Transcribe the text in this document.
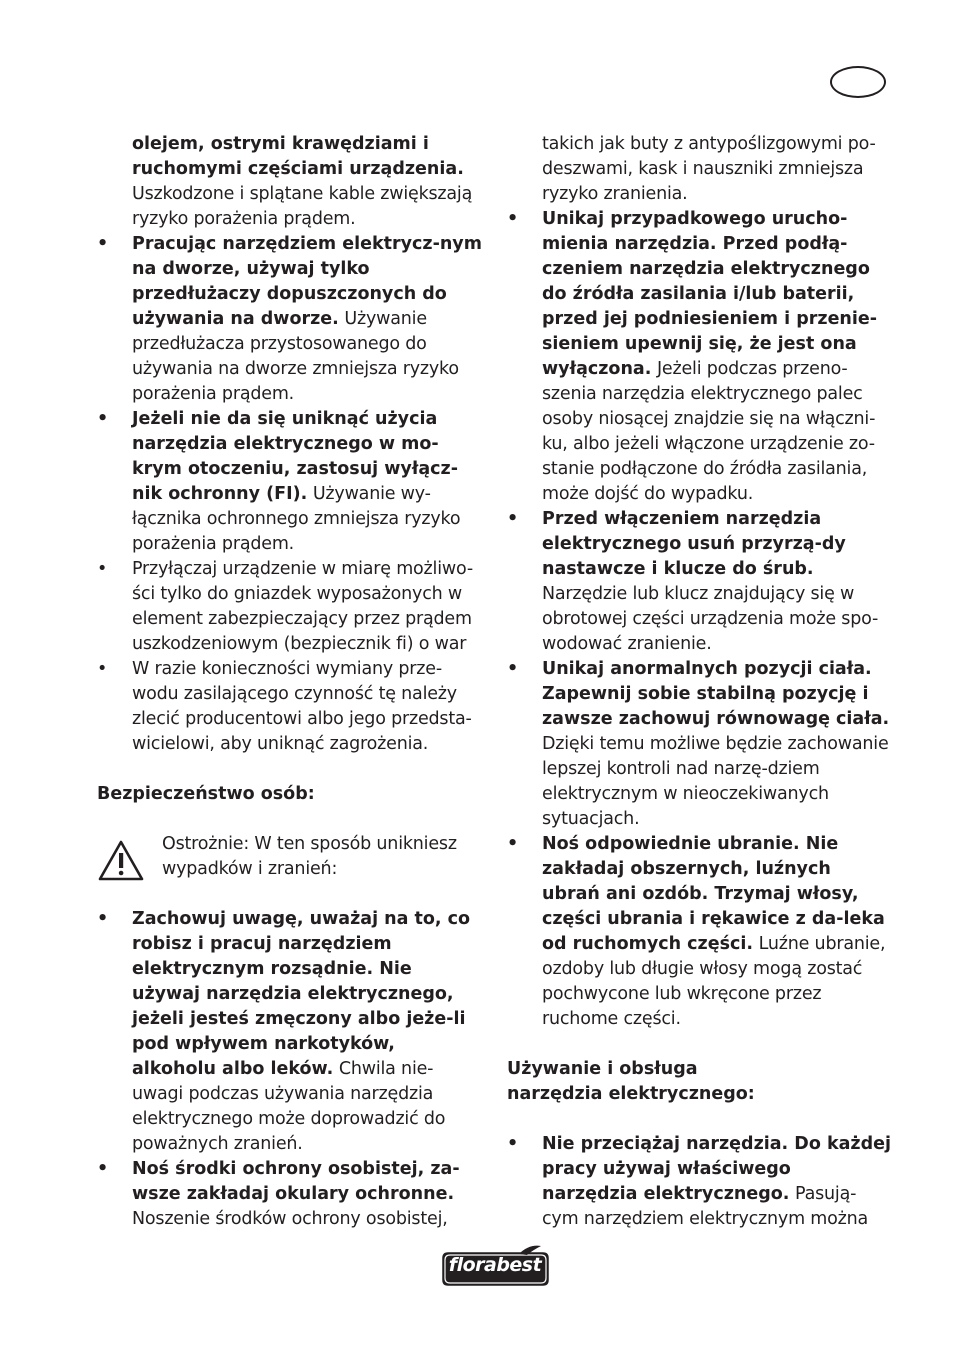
olejem, ostrymi krawędziami i ruchomymi częściami urządzenia. Uszkodzone i splątane kable zwiększają ryzyko porażenia prądem.
• Pracując narzędziem elektrycz-nym na dworze, używaj tylko przedłużaczy dopuszczonych do używania na dworze. Używanie przedłużacza przystosowanego do używania na dworze zmniejsza ryzyko porażenia prądem.
• Jeżeli nie da się uniknąć użycia narzędzia elektrycznego w mo-krym otoczeniu, zastosuj wyłącz-nik ochronny (FI). Używanie wy-łącznika ochronnego zmniejsza ryzyko porażenia prądem.
• Przyłączaj urządzenie w miarę możliwo-ści tylko do gniazdek wyposażonych w element zabezpieczający przez prądem uszkodzeniowym (bezpiecznik fi) o war
• W razie konieczności wymiany prze-wodu zasilającego czynność tę należy zlecić producentowi albo jego przedsta-wicielowi, aby uniknąć zagrożenia.

Bezpieczeństwo osób:

Ostrożnie: W ten sposób unikniesz wypadków i zranień:
• Zachowuj uwagę, uważaj na to, co robisz i pracuj narzędziem elektrycznym rozsądnie. Nie używaj narzędzia elektrycznego, jeżeli jesteś zmęczony albo jeże-li pod wpływem narkotyków, alkoholu albo leków. Chwila nie-uwagi podczas używania narzędzia elektrycznego może doprowadzić do poważnych zranień.
• Noś środki ochrony osobistej, za-wsze zakładaj okulary ochronne. Noszenie środków ochrony osobistej,
takich jak buty z antypoślizgowymi po-deszwami, kask i nauszniki zmniejsza ryzyko zranienia.
• Unikaj przypadkowego urucho-mienia narzędzia. Przed podłą-czeniem narzędzia elektrycznego do źródła zasilania i/lub baterii, przed jej podniesieniem i przenie-sieniem upewnij się, że jest ona wyłączona. Jeżeli podczas przeno-szenia narzędzia elektrycznego palec osoby niosącej znajdzie się na włączni-ku, albo jeżeli włączone urządzenie zo-stanie podłączone do źródła zasilania, może dojść do wypadku.
• Przed włączeniem narzędzia elektrycznego usuń przyrzą-dy nastawcze i klucze do śrub. Narzędzie lub klucz znajdujący się w obrotowej części urządzenia może spo-wodować zranienie.
• Unikaj anormalnych pozycji ciała. Zapewnij sobie stabilną pozycję i zawsze zachowuj równowagę ciała. Dzięki temu możliwe będzie zachowanie lepszej kontroli nad narzę-dziem elektrycznym w nieoczekiwanych sytuacjach.
• Noś odpowiednie ubranie. Nie zakładaj obszernych, luźnych ubrań ani ozdób. Trzymaj włosy, części ubrania i rękawice z da-leka od ruchomych części. Luźne ubranie, ozdoby lub długie włosy mogą zostać pochwycone lub wkręcone przez ruchome części.

Używanie i obsługa
narzędzia elektrycznego:

• Nie przeciążaj narzędzia. Do każdej pracy używaj właściwego narzędzia elektrycznego. Pasują-cym narzędziem elektrycznym można
florabest
